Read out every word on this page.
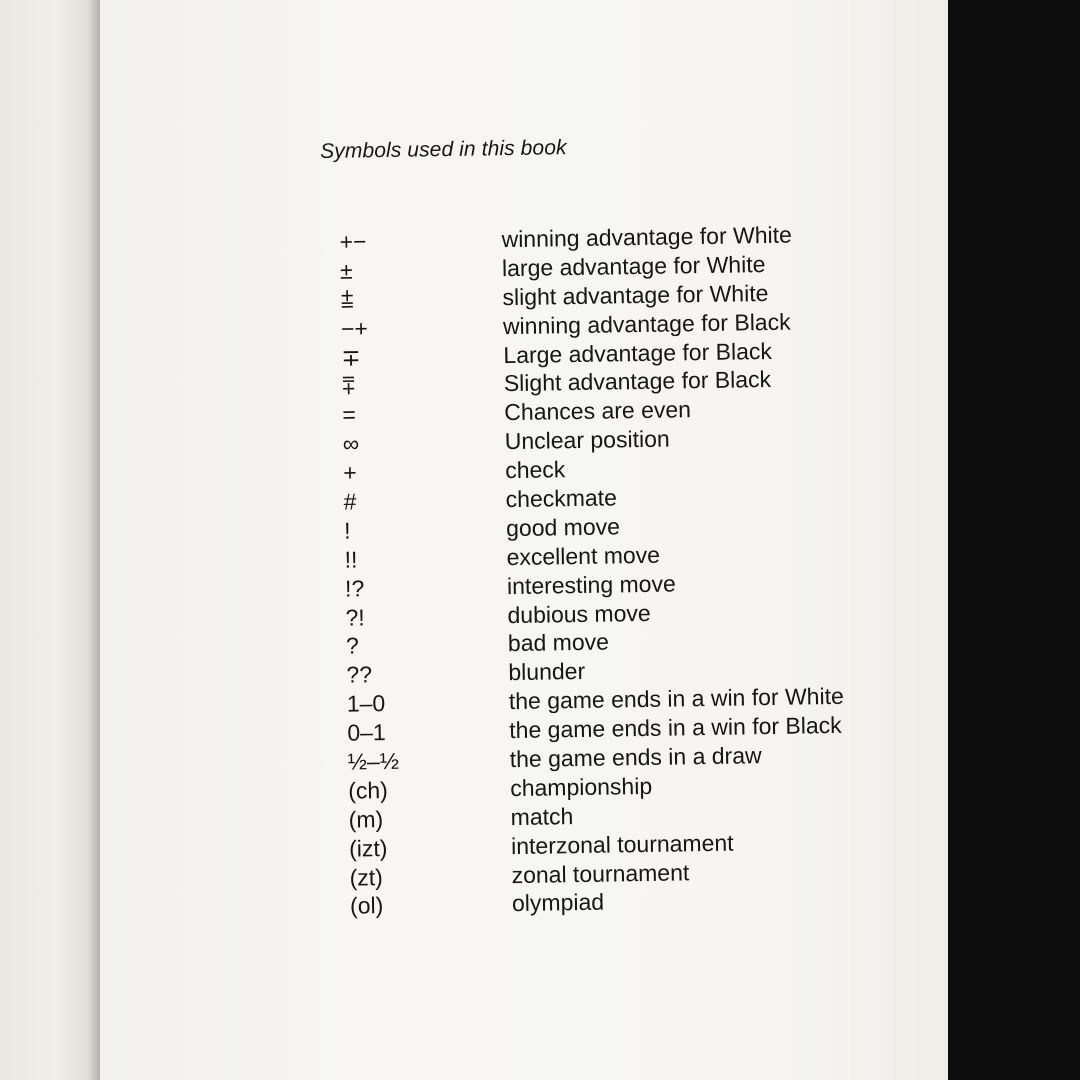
Symbols used in this book
+−	winning advantage for White
±	large advantage for White
⩲	slight advantage for White
−+	winning advantage for Black
∓	Large advantage for Black
⩱	Slight advantage for Black
=	Chances are even
∞	Unclear position
+	check
#	checkmate
!	good move
!!	excellent move
!?	interesting move
?!	dubious move
?	bad move
??	blunder
1–0	the game ends in a win for White
0–1	the game ends in a win for Black
½–½	the game ends in a draw
(ch)	championship
(m)	match
(izt)	interzonal tournament
(zt)	zonal tournament
(ol)	olympiad
